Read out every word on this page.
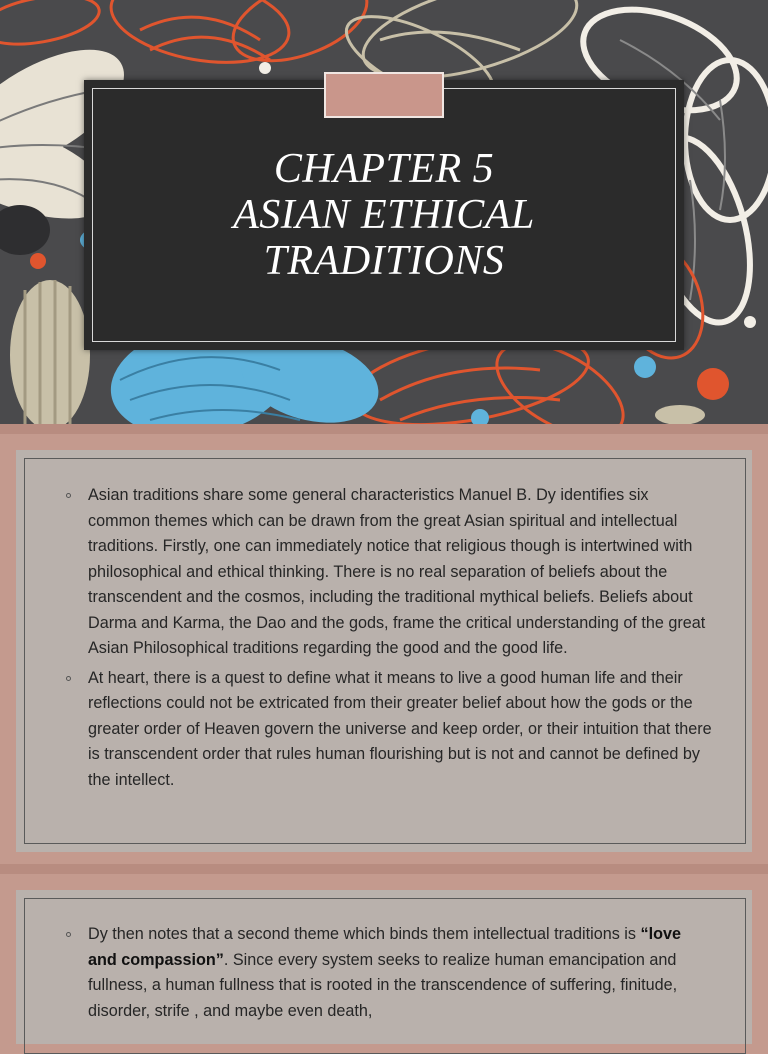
CHAPTER 5
ASIAN ETHICAL
TRADITIONS
Asian traditions share some general characteristics Manuel B. Dy identifies six common themes which can be drawn from the great Asian spiritual and intellectual traditions. Firstly, one can immediately notice that religious though is intertwined with philosophical and ethical thinking. There is no real separation of beliefs about the transcendent and the cosmos, including the traditional mythical beliefs. Beliefs about Darma and Karma, the Dao and the gods, frame the critical understanding of the great Asian Philosophical traditions regarding the good and the good life.
At heart, there is a quest to define what it means to live a good human life and their reflections could not be extricated from their greater belief about how the gods or the greater order of Heaven govern the universe and keep order, or their intuition that there is transcendent order that rules human flourishing but is not and cannot be defined by the intellect.
Dy then notes that a second theme which binds them intellectual traditions is “love and compassion”. Since every system seeks to realize human emancipation and fullness, a human fullness that is rooted in the transcendence of suffering, finitude, disorder, strife , and maybe even death,
